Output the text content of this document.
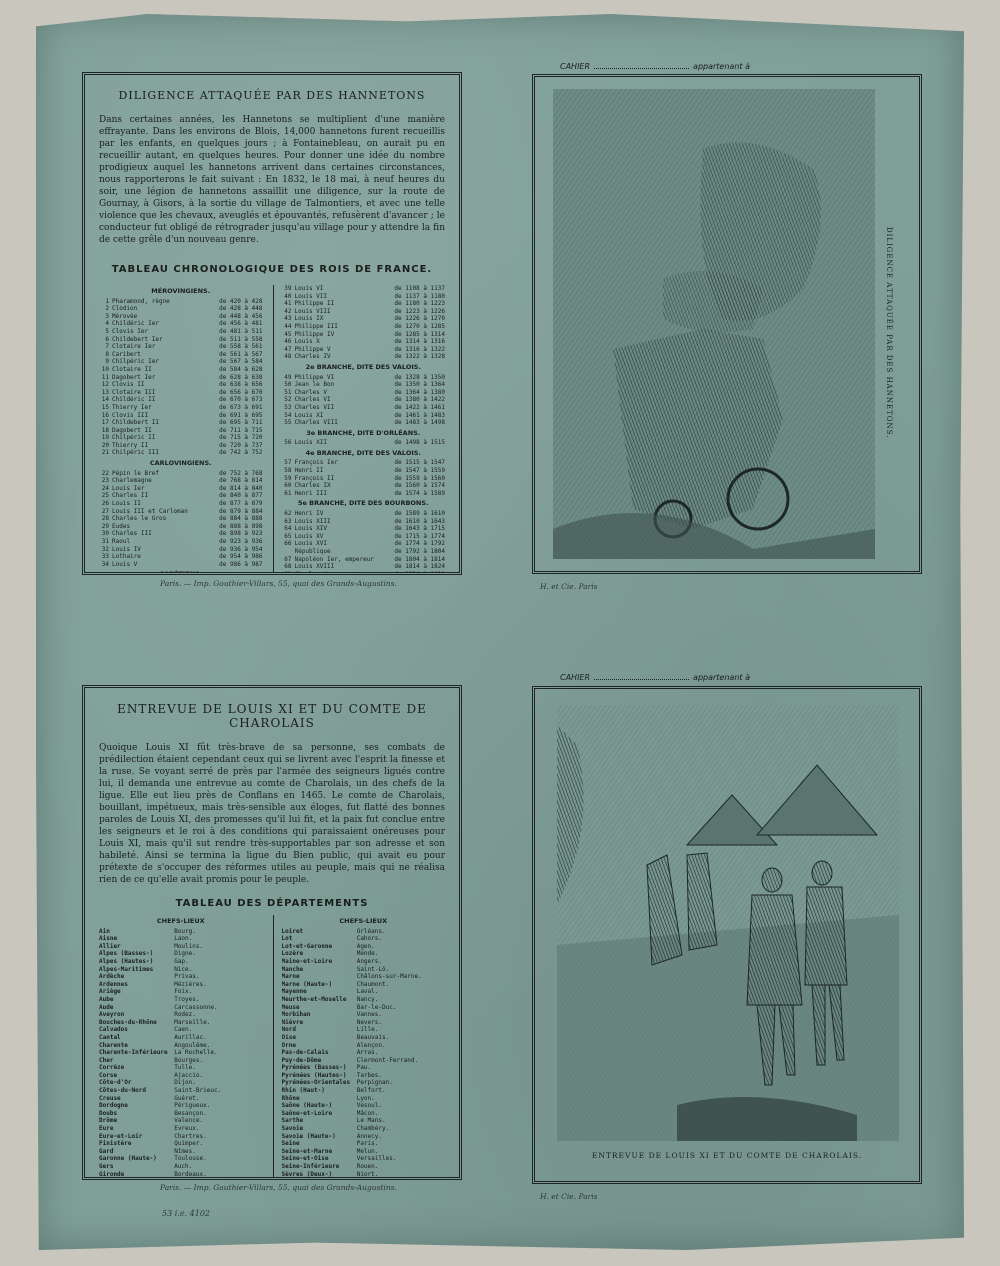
DILIGENCE ATTAQUÉE PAR DES HANNETONS

Dans certaines années, les Hannetons se multiplient d'une manière effrayante. Dans les environs de Blois, 14,000 hannetons furent recueillis par les enfants, en quelques jours ; à Fontainebleau, on aurait pu en recueillir autant, en quelques heures. Pour donner une idée du nombre prodigieux auquel les hannetons arrivent dans certaines circonstances, nous rapporterons le fait suivant : En 1832, le 18 mai, à neuf heures du soir, une légion de hannetons assaillit une diligence, sur la route de Gournay, à Gisors, à la sortie du village de Talmontiers, et avec une telle violence que les chevaux, aveuglés et épouvantés, refusèrent d'avancer ; le conducteur fut obligé de rétrograder jusqu'au village pour y attendre la fin de cette grêle d'un nouveau genre.

TABLEAU CHRONOLOGIQUE DES ROIS DE FRANCE.
MÉROVINGIENS.
1 Pharamond, règne	de 420 à 428
2 Clodion	de 428 à 448
3 Mérovée	de 448 à 456
4 Childéric Ier	de 456 à 481
5 Clovis Ier	de 481 à 511
6 Childebert Ier	de 511 à 558
7 Clotaire Ier	de 558 à 561
8 Caribert	de 561 à 567
9 Chilpéric Ier	de 567 à 584
10 Clotaire II	de 584 à 628
11 Dagobert Ier	de 628 à 638
12 Clovis II	de 638 à 656
13 Clotaire III	de 656 à 670
14 Childéric II	de 670 à 673
15 Thierry Ier	de 673 à 691
16 Clovis III	de 691 à 695
17 Childebert II	de 695 à 711
18 Dagobert II	de 711 à 715
19 Chilpéric II	de 715 à 720
20 Thierry II	de 720 à 737
21 Chilpéric III	de 742 à 752
CARLOVINGIENS.
22 Pépin le Bref	de 752 à 768
23 Charlemagne	de 768 à 814
24 Louis Ier	de 814 à 840
25 Charles II	de 840 à 877
26 Louis II	de 877 à 879
27 Louis III et Carloman	de 879 à 884
28 Charles le Gros	de 884 à 888
29 Eudes	de 888 à 898
30 Charles III	de 898 à 923
31 Raoul	de 923 à 936
32 Louis IV	de 936 à 954
33 Lothaire	de 954 à 986
34 Louis V	de 986 à 987
CAPÉTIENS.
39 Louis VI	de 1108 à 1137
40 Louis VII	de 1137 à 1180
41 Philippe II	de 1180 à 1223
42 Louis VIII	de 1223 à 1226
43 Louis IX	de 1226 à 1270
44 Philippe III	de 1270 à 1285
45 Philippe IV	de 1285 à 1314
46 Louis X	de 1314 à 1316
47 Philippe V	de 1316 à 1322
48 Charles IV	de 1322 à 1328
2e BRANCHE, DITE DES VALOIS.
49 Philippe VI	de 1328 à 1350
50 Jean le Bon	de 1350 à 1364
51 Charles V	de 1364 à 1380
52 Charles VI	de 1380 à 1422
53 Charles VII	de 1422 à 1461
54 Louis XI	de 1461 à 1483
55 Charles VIII	de 1483 à 1498
3e BRANCHE, DITE D'ORLÉANS.
56 Louis XII	de 1498 à 1515
4e BRANCHE, DITE DES VALOIS.
57 François Ier	de 1515 à 1547
58 Henri II	de 1547 à 1559
59 François II	de 1559 à 1560
60 Charles IX	de 1560 à 1574
61 Henri III	de 1574 à 1589
5e BRANCHE, DITE DES BOURBONS.
62 Henri IV	de 1589 à 1610
63 Louis XIII	de 1610 à 1643
64 Louis XIV	de 1643 à 1715
65 Louis XV	de 1715 à 1774
66 Louis XVI	de 1774 à 1792
République	de 1792 à 1804
67 Napoléon Ier, empereur	de 1804 à 1814
68 Louis XVIII	de 1814 à 1824
69 Charles X	de 1824 à 1830
Paris. — Imp. Gouthier-Villars, 55, quai des Grands-Augustins.
CAHIER	appartenant à
DILIGENCE ATTAQUÉE PAR DES HANNETONS.
H. et Cie. Paris
ENTREVUE DE LOUIS XI ET DU COMTE DE CHAROLAIS

Quoique Louis XI fût très-brave de sa personne, ses combats de prédilection étaient cependant ceux qui se livrent avec l'esprit la finesse et la ruse. Se voyant serré de près par l'armée des seigneurs ligués contre lui, il demanda une entrevue au comte de Charolais, un des chefs de la ligue. Elle eut lieu près de Conflans en 1465. Le comte de Charolais, bouillant, impétueux, mais très-sensible aux éloges, fut flatté des bonnes paroles de Louis XI, des promesses qu'il lui fit, et la paix fut conclue entre les seigneurs et le roi à des conditions qui paraissaient onéreuses pour Louis XI, mais qu'il sut rendre très-supportables par son adresse et son habileté. Ainsi se termina la ligue du Bien public, qui avait eu pour prétexte de s'occuper des réformes utiles au peuple, mais qui ne réalisa rien de ce qu'elle avait promis pour le peuple.

TABLEAU DES DÉPARTEMENTS
CHEFS-LIEUX
Ain	Bourg.
Aisne	Laon.
Allier	Moulins.
Alpes (Basses-)	Digne.
Alpes (Hautes-)	Gap.
Alpes-Maritimes	Nice.
Ardèche	Privas.
Ardennes	Mézières.
Ariège	Foix.
Aube	Troyes.
Aude	Carcassonne.
Aveyron	Rodez.
Bouches-du-Rhône	Marseille.
Calvados	Caen.
Cantal	Aurillac.
Charente	Angoulême.
Charente-Inférieure	La Rochelle.
Cher	Bourges.
Corrèze	Tulle.
Corse	Ajaccio.
Côte-d'Or	Dijon.
Côtes-du-Nord	Saint-Brieuc.
Creuse	Guéret.
Dordogne	Périgueux.
Doubs	Besançon.
Drôme	Valence.
Eure	Évreux.
Eure-et-Loir	Chartres.
Finistère	Quimper.
Gard	Nîmes.
Garonne (Haute-)	Toulouse.
Gers	Auch.
Gironde	Bordeaux.
CHEFS-LIEUX
Loiret	Orléans.
Lot	Cahors.
Lot-et-Garonne	Agen.
Lozère	Mende.
Maine-et-Loire	Angers.
Manche	Saint-Lô.
Marne	Châlons-sur-Marne.
Marne (Haute-)	Chaumont.
Mayenne	Laval.
Meurthe-et-Moselle	Nancy.
Meuse	Bar-le-Duc.
Morbihan	Vannes.
Nièvre	Nevers.
Nord	Lille.
Oise	Beauvais.
Orne	Alençon.
Pas-de-Calais	Arras.
Puy-de-Dôme	Clermont-Ferrand.
Pyrénées (Basses-)	Pau.
Pyrénées (Hautes-)	Tarbes.
Pyrénées-Orientales	Perpignan.
Rhin (Haut-)	Belfort.
Rhône	Lyon.
Saône (Haute-)	Vesoul.
Saône-et-Loire	Mâcon.
Sarthe	Le Mans.
Savoie	Chambéry.
Savoie (Haute-)	Annecy.
Seine	Paris.
Seine-et-Marne	Melun.
Seine-et-Oise	Versailles.
Seine-Inférieure	Rouen.
Sèvres (Deux-)	Niort.
Paris. — Imp. Gauthier-Villars, 55, quai des Grands-Augustins.
CAHIER	appartenant à
ENTREVUE DE LOUIS XI ET DU COMTE DE CHAROLAIS.
H. et Cie. Paris
53 i.e. 4102
